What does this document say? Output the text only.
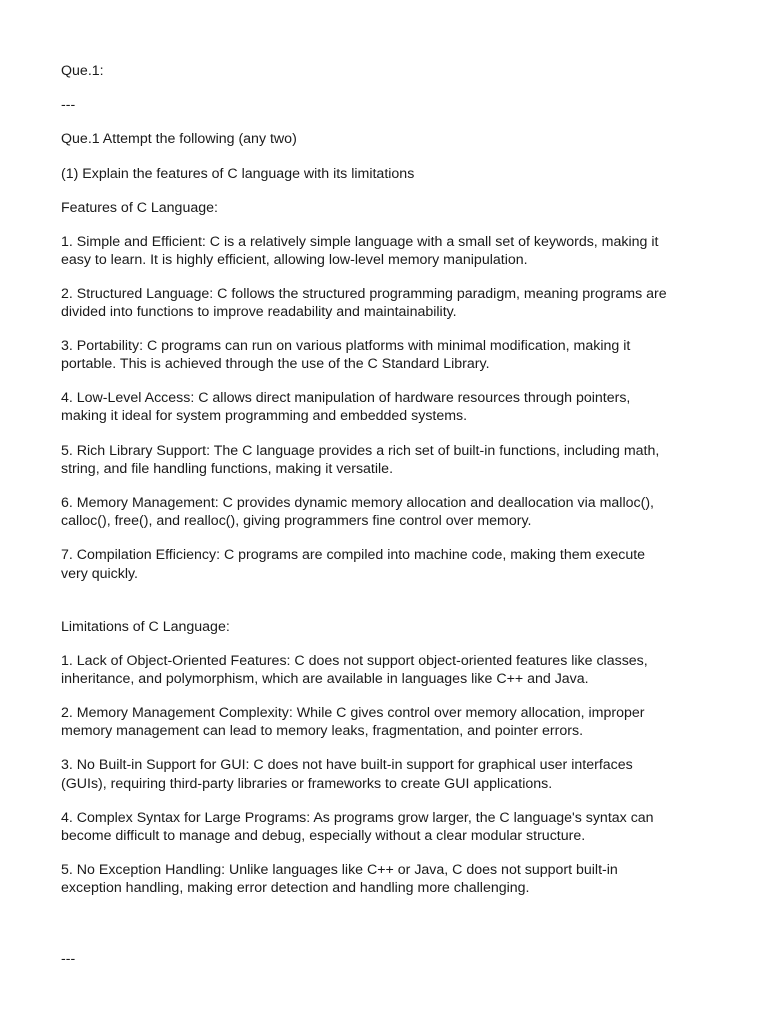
Que.1:
---
Que.1 Attempt the following (any two)
(1) Explain the features of C language with its limitations
Features of C Language:
1. Simple and Efficient: C is a relatively simple language with a small set of keywords, making it
easy to learn. It is highly efficient, allowing low-level memory manipulation.
2. Structured Language: C follows the structured programming paradigm, meaning programs are
divided into functions to improve readability and maintainability.
3. Portability: C programs can run on various platforms with minimal modification, making it
portable. This is achieved through the use of the C Standard Library.
4. Low-Level Access: C allows direct manipulation of hardware resources through pointers,
making it ideal for system programming and embedded systems.
5. Rich Library Support: The C language provides a rich set of built-in functions, including math,
string, and file handling functions, making it versatile.
6. Memory Management: C provides dynamic memory allocation and deallocation via malloc(),
calloc(), free(), and realloc(), giving programmers fine control over memory.
7. Compilation Efficiency: C programs are compiled into machine code, making them execute
very quickly.
Limitations of C Language:
1. Lack of Object-Oriented Features: C does not support object-oriented features like classes,
inheritance, and polymorphism, which are available in languages like C++ and Java.
2. Memory Management Complexity: While C gives control over memory allocation, improper
memory management can lead to memory leaks, fragmentation, and pointer errors.
3. No Built-in Support for GUI: C does not have built-in support for graphical user interfaces
(GUIs), requiring third-party libraries or frameworks to create GUI applications.
4. Complex Syntax for Large Programs: As programs grow larger, the C language's syntax can
become difficult to manage and debug, especially without a clear modular structure.
5. No Exception Handling: Unlike languages like C++ or Java, C does not support built-in
exception handling, making error detection and handling more challenging.
---
